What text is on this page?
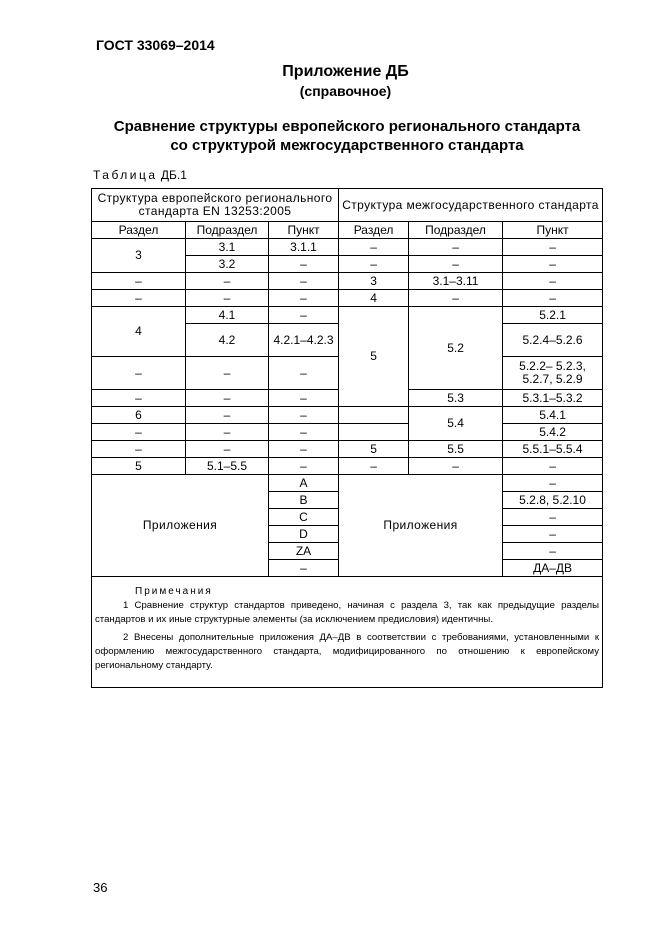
ГОСТ 33069–2014
Приложение ДБ
(справочное)
Сравнение структуры европейского регионального стандарта
со структурой межгосударственного стандарта
Таблица ДБ.1
Структура европейского регионального стандарта EN 13253:2005			Структура межгосударственного стандарта		
Раздел	Подраздел	Пункт	Раздел	Подраздел	Пункт
3	3.1	3.1.1	–	–	–
	3.2	–	–	–	–
–	–	–	3	3.1–3.11	–
–	–	–	4	–	–
4	4.1	–	5	5.2	5.2.1
	4.2	4.2.1–4.2.3			5.2.4–5.2.6
–	–	–			5.2.2– 5.2.3, 5.2.7, 5.2.9
–	–	–		5.3	5.3.1–5.3.2
6	–	–		5.4	5.4.1
–	–	–			5.4.2
–	–	–	5	5.5	5.5.1–5.5.4
5	5.1–5.5	–	–	–	–
Приложения		A	Приложения		–
		B			5.2.8, 5.2.10
		C			–
		D			–
		ZA			–
		–			ДА–ДВ

Примечания

1 Сравнение структур стандартов приведено, начиная с раздела 3, так как предыдущие разделы стандартов и их иные структурные элементы (за исключением предисловия) идентичны.

2 Внесены дополнительные приложения ДА–ДВ в соответствии с требованиями, установленными к оформлению межгосударственного стандарта, модифицированного по отношению к европейскому региональному стандарту.					

36
